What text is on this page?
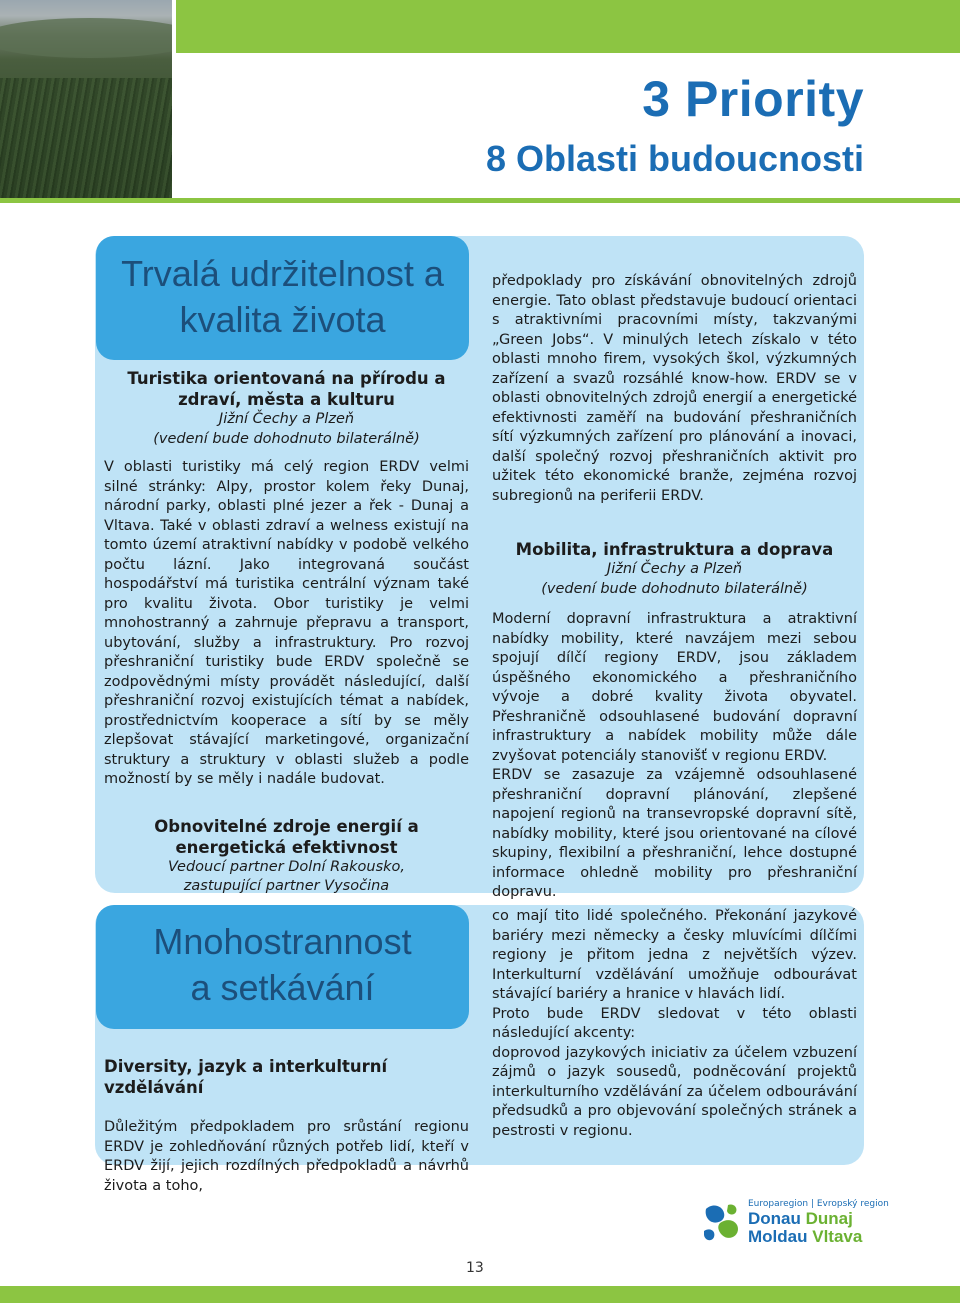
3 Priority
8 Oblasti budoucnosti
Trvalá udržitelnost a
kvalita života

Turistika orientovaná na přírodu a zdraví, města a kulturu

Jižní Čechy a Plzeň

(vedení bude dohodnuto bilaterálně)

V oblasti turistiky má celý region ERDV velmi silné stránky: Alpy, prostor kolem řeky Dunaj, národní parky, oblasti plné jezer a řek - Dunaj a Vltava. Také v oblasti zdraví a welness existují na tomto území atraktivní nabídky v podobě velkého počtu lázní. Jako integrovaná součást hospodářství má turistika centrální význam také pro kvalitu života. Obor turistiky je velmi mnohostranný a zahrnuje přepravu a transport, ubytování, služby a infrastruktury. Pro rozvoj přeshraniční turistiky bude ERDV společně se zodpovědnými místy provádět následující, další přeshraniční rozvoj existujících témat a nabídek, prostřednictvím kooperace a sítí by se měly zlepšovat stávající marketingové, organizační struktury a struktury v oblasti služeb a podle možností by se měly i nadále budovat.

Obnovitelné zdroje energií a energetická efektivnost

Vedoucí partner Dolní Rakousko,

zastupující partner Vysočina

předpoklady pro získávání obnovitelných zdrojů energie. Tato oblast představuje budoucí orientaci s atraktivními pracovními místy, takzvanými „Green Jobs“. V minulých letech získalo v této oblasti mnoho firem, vysokých škol, výzkumných zařízení a svazů rozsáhlé know-how. ERDV se v oblasti obnovitelných zdrojů energií a energetické efektivnosti zaměří na budování přeshraničních sítí výzkumných zařízení pro plánování a inovaci, další společný rozvoj přeshraničních aktivit pro užitek této ekonomické branže, zejména rozvoj subregionů na periferii ERDV.

Mobilita, infrastruktura a doprava

Jižní Čechy a Plzeň

(vedení bude dohodnuto bilaterálně)

Moderní dopravní infrastruktura a atraktivní nabídky mobility, které navzájem mezi sebou spojují dílčí regiony ERDV, jsou základem úspěšného ekonomického a přeshraničního vývoje a dobré kvality života obyvatel. Přeshraničně odsouhlasené budování dopravní infrastruktury a nabídek mobility může dále zvyšovat potenciály stanovišť v regionu ERDV.

ERDV se zasazuje za vzájemně odsouhlasené přeshraniční dopravní plánování, zlepšené napojení regionů na transevropské dopravní sítě, nabídky mobility, které jsou orientované na cílové skupiny, flexibilní a přeshraniční, lehce dostupné informace ohledně mobility pro přeshraniční dopravu.

Mnohostrannost
a setkávání

Diversity, jazyk a interkulturní vzdělávání

Důležitým předpokladem pro srůstání regionu ERDV je zohledňování různých potřeb lidí, kteří v ERDV žijí, jejich rozdílných předpokladů a návrhů života a toho,

co mají tito lidé společného. Překonání jazykové bariéry mezi německy a česky mluvícími dílčími regiony je přitom jedna z největších výzev. Interkulturní vzdělávání umožňuje odbourávat stávající bariéry a hranice v hlavách lidí.

Proto bude ERDV sledovat v této oblasti následující akcenty:

doprovod jazykových iniciativ za účelem vzbuzení zájmů o jazyk sousedů, podněcování projektů interkulturního vzdělávání za účelem odbourávání předsudků a pro objevování společných stránek a pestrosti v regionu.

Europaregion | Evropský region
Donau Dunaj
Moldau Vltava
13
